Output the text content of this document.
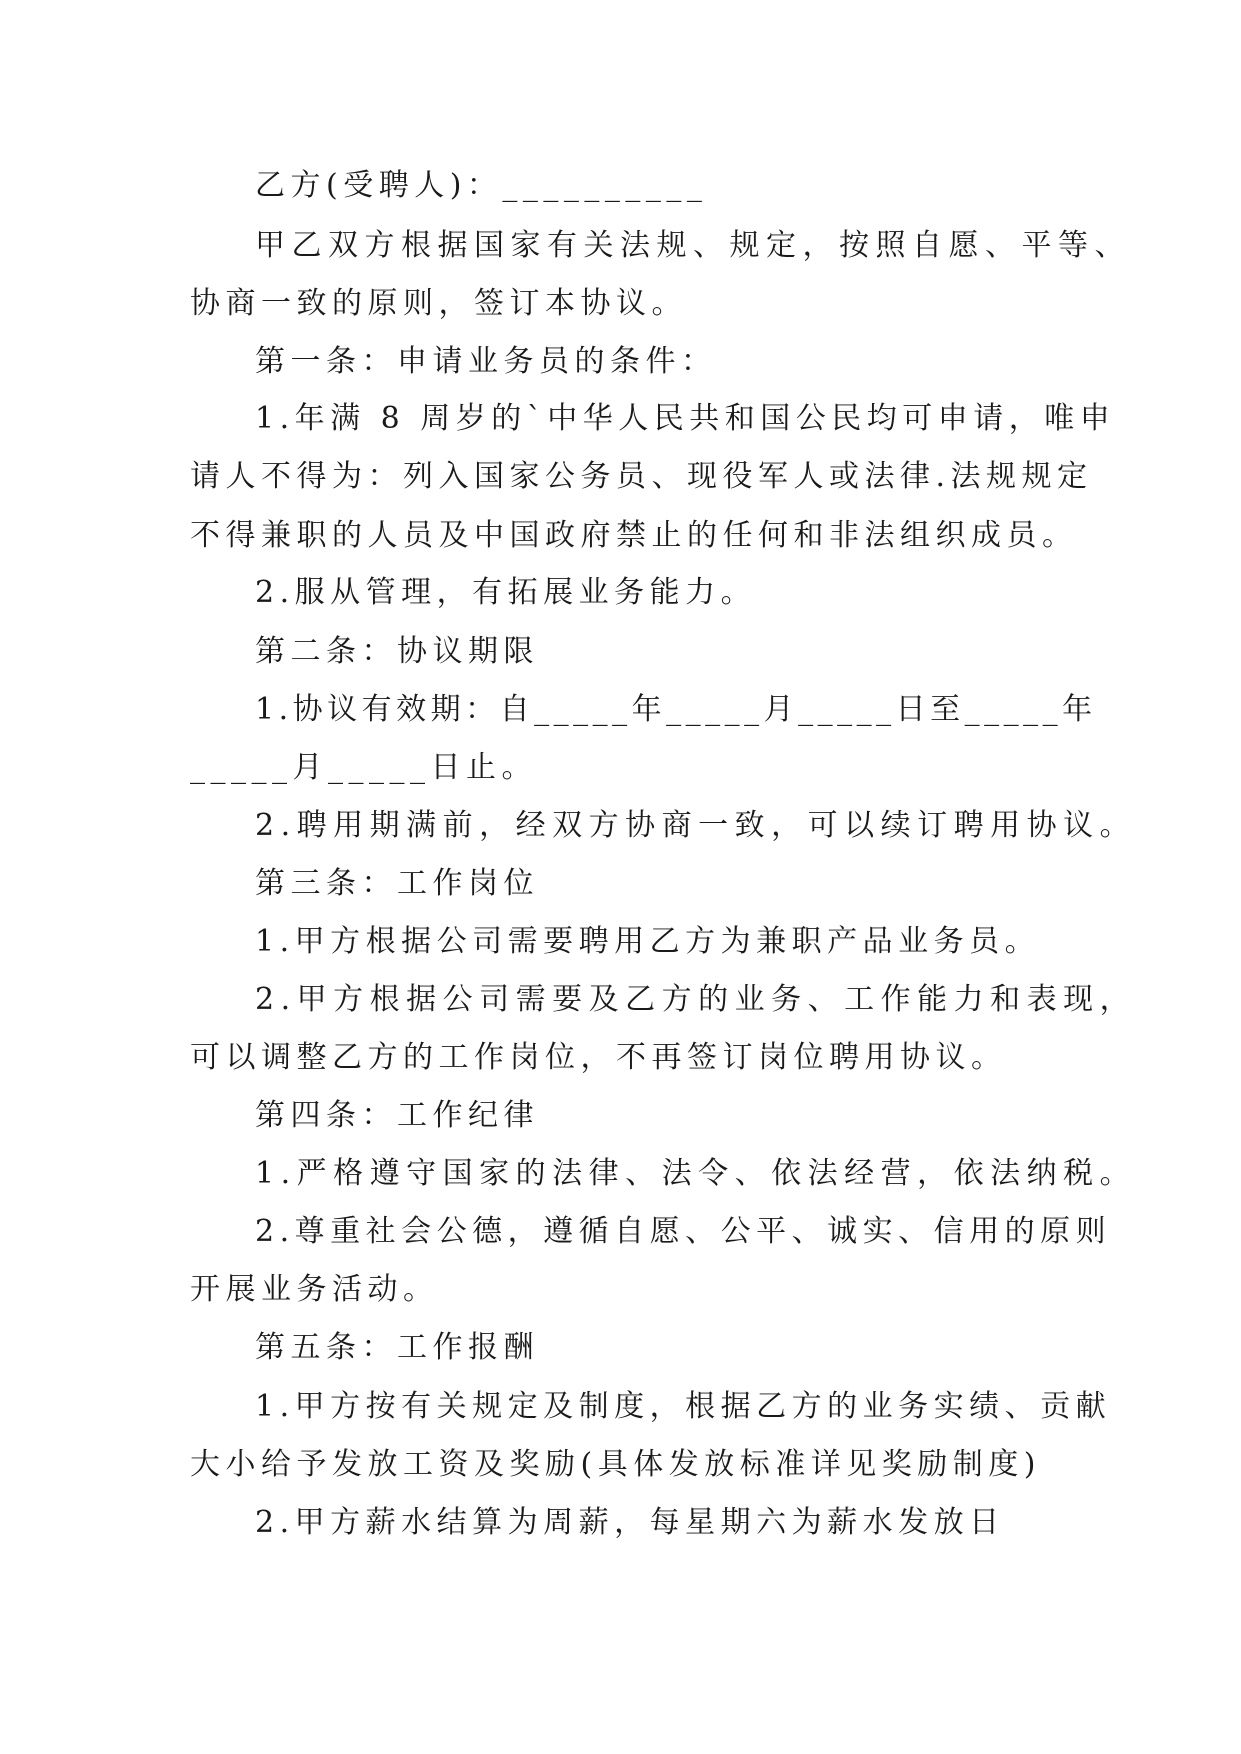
乙方(受聘人)：__________

甲乙双方根据国家有关法规、规定，按照自愿、平等、

协商一致的原则，签订本协议。

第一条：申请业务员的条件：

1.年满 8 周岁的`中华人民共和国公民均可申请，唯申

请人不得为：列入国家公务员、现役军人或法律.法规规定

不得兼职的人员及中国政府禁止的任何和非法组织成员。

2.服从管理，有拓展业务能力。

第二条：协议期限

1.协议有效期：自_____年_____月_____日至_____年

_____月_____日止。

2.聘用期满前，经双方协商一致，可以续订聘用协议。

第三条：工作岗位

1.甲方根据公司需要聘用乙方为兼职产品业务员。

2.甲方根据公司需要及乙方的业务、工作能力和表现，

可以调整乙方的工作岗位，不再签订岗位聘用协议。

第四条：工作纪律

1.严格遵守国家的法律、法令、依法经营，依法纳税。

2.尊重社会公德，遵循自愿、公平、诚实、信用的原则

开展业务活动。

第五条：工作报酬

1.甲方按有关规定及制度，根据乙方的业务实绩、贡献

大小给予发放工资及奖励(具体发放标准详见奖励制度)

2.甲方薪水结算为周薪，每星期六为薪水发放日
